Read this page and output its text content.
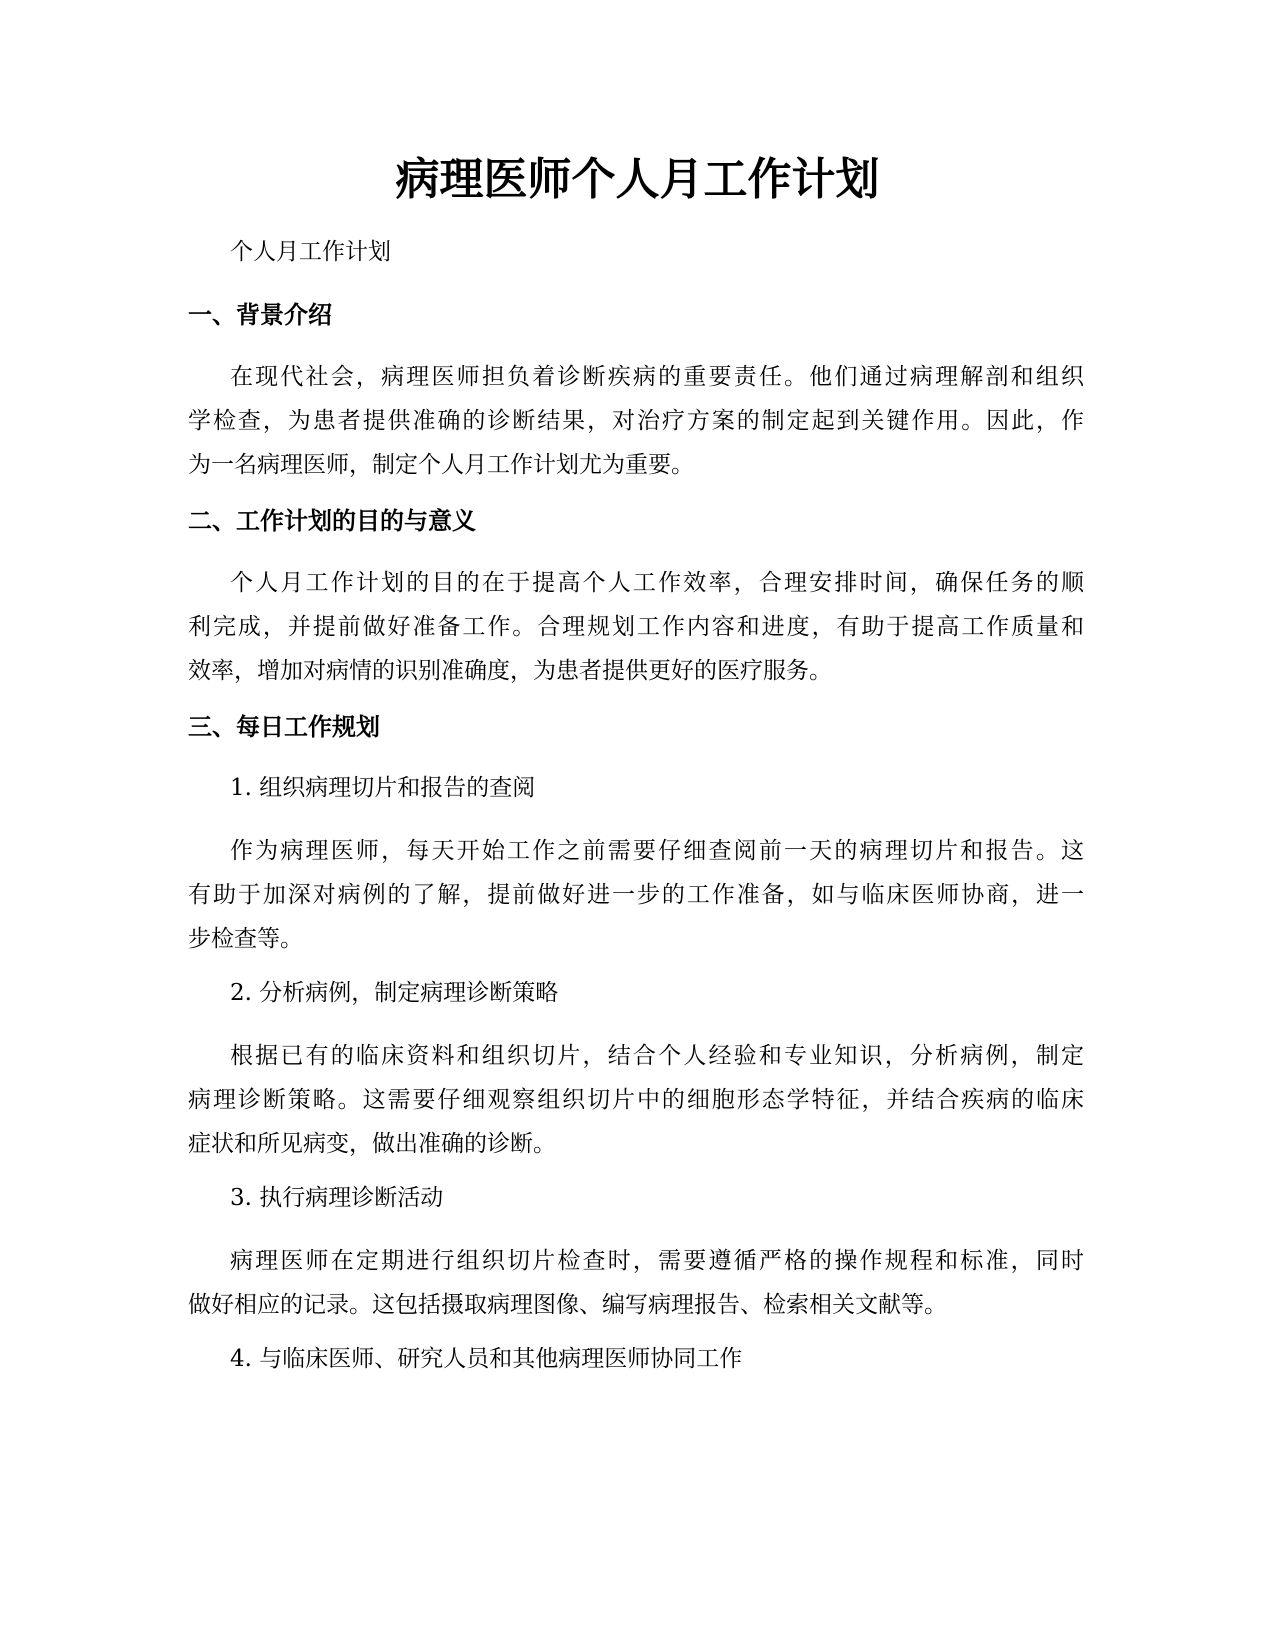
病理医师个人月工作计划

个人月工作计划

一、背景介绍
在现代社会，病理医师担负着诊断疾病的重要责任。他们通过病理解剖和组织
学检查，为患者提供准确的诊断结果，对治疗方案的制定起到关键作用。因此，作
为一名病理医师，制定个人月工作计划尤为重要。
二、工作计划的目的与意义
个人月工作计划的目的在于提高个人工作效率，合理安排时间，确保任务的顺
利完成，并提前做好准备工作。合理规划工作内容和进度，有助于提高工作质量和
效率，增加对病情的识别准确度，为患者提供更好的医疗服务。
三、每日工作规划

1. 组织病理切片和报告的查阅

作为病理医师，每天开始工作之前需要仔细查阅前一天的病理切片和报告。这
有助于加深对病例的了解，提前做好进一步的工作准备，如与临床医师协商，进一
步检查等。

2. 分析病例，制定病理诊断策略

根据已有的临床资料和组织切片，结合个人经验和专业知识，分析病例，制定
病理诊断策略。这需要仔细观察组织切片中的细胞形态学特征，并结合疾病的临床
症状和所见病变，做出准确的诊断。

3. 执行病理诊断活动

病理医师在定期进行组织切片检查时，需要遵循严格的操作规程和标准，同时
做好相应的记录。这包括摄取病理图像、编写病理报告、检索相关文献等。

4. 与临床医师、研究人员和其他病理医师协同工作
